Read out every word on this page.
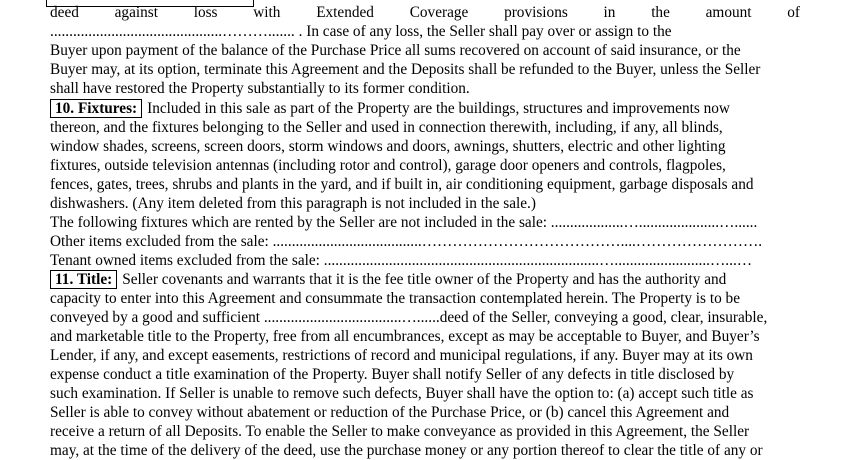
deed against loss with Extended Coverage provisions in the amount of
.............................................………....... . In case of any loss, the Seller shall pay over or assign to the
Buyer upon payment of the balance of the Purchase Price all sums recovered on account of said insurance, or the
Buyer may, at its option, terminate this Agreement and the Deposits shall be refunded to the Buyer, unless the Seller
shall have restored the Property substantially to its former condition.
10. Fixtures: Included in this sale as part of the Property are the buildings, structures and improvements now
thereon, and the fixtures belonging to the Seller and used in connection therewith, including, if any, all blinds,
window shades, screens, screen doors, storm windows and doors, awnings, shutters, electric and other lighting
fixtures, outside television antennas (including rotor and control), garage door openers and controls, flagpoles,
fences, gates, trees, shrubs and plants in the yard, and if built in, air conditioning equipment, garbage disposals and
dishwashers. (Any item deleted from this paragraph is not included in the sale.)
The following fixtures which are rented by the Seller are not included in the sale: ...................….....................…......
Other items excluded from the sale: .......................................…………………………………....…………………….
Tenant owned items excluded from the sale: ........................................................................….........................…...…
11. Title: Seller covenants and warrants that it is the fee title owner of the Property and has the authority and
capacity to enter into this Agreement and consummate the transaction contemplated herein. The Property is to be
conveyed by a good and sufficient ....................................…......deed of the Seller, conveying a good, clear, insurable,
and marketable title to the Property, free from all encumbrances, except as may be acceptable to Buyer, and Buyer’s
Lender, if any, and except easements, restrictions of record and municipal regulations, if any. Buyer may at its own
expense conduct a title examination of the Property. Buyer shall notify Seller of any defects in title disclosed by
such examination. If Seller is unable to remove such defects, Buyer shall have the option to: (a) accept such title as
Seller is able to convey without abatement or reduction of the Purchase Price, or (b) cancel this Agreement and
receive a return of all Deposits. To enable the Seller to make conveyance as provided in this Agreement, the Seller
may, at the time of the delivery of the deed, use the purchase money or any portion thereof to clear the title of any or
